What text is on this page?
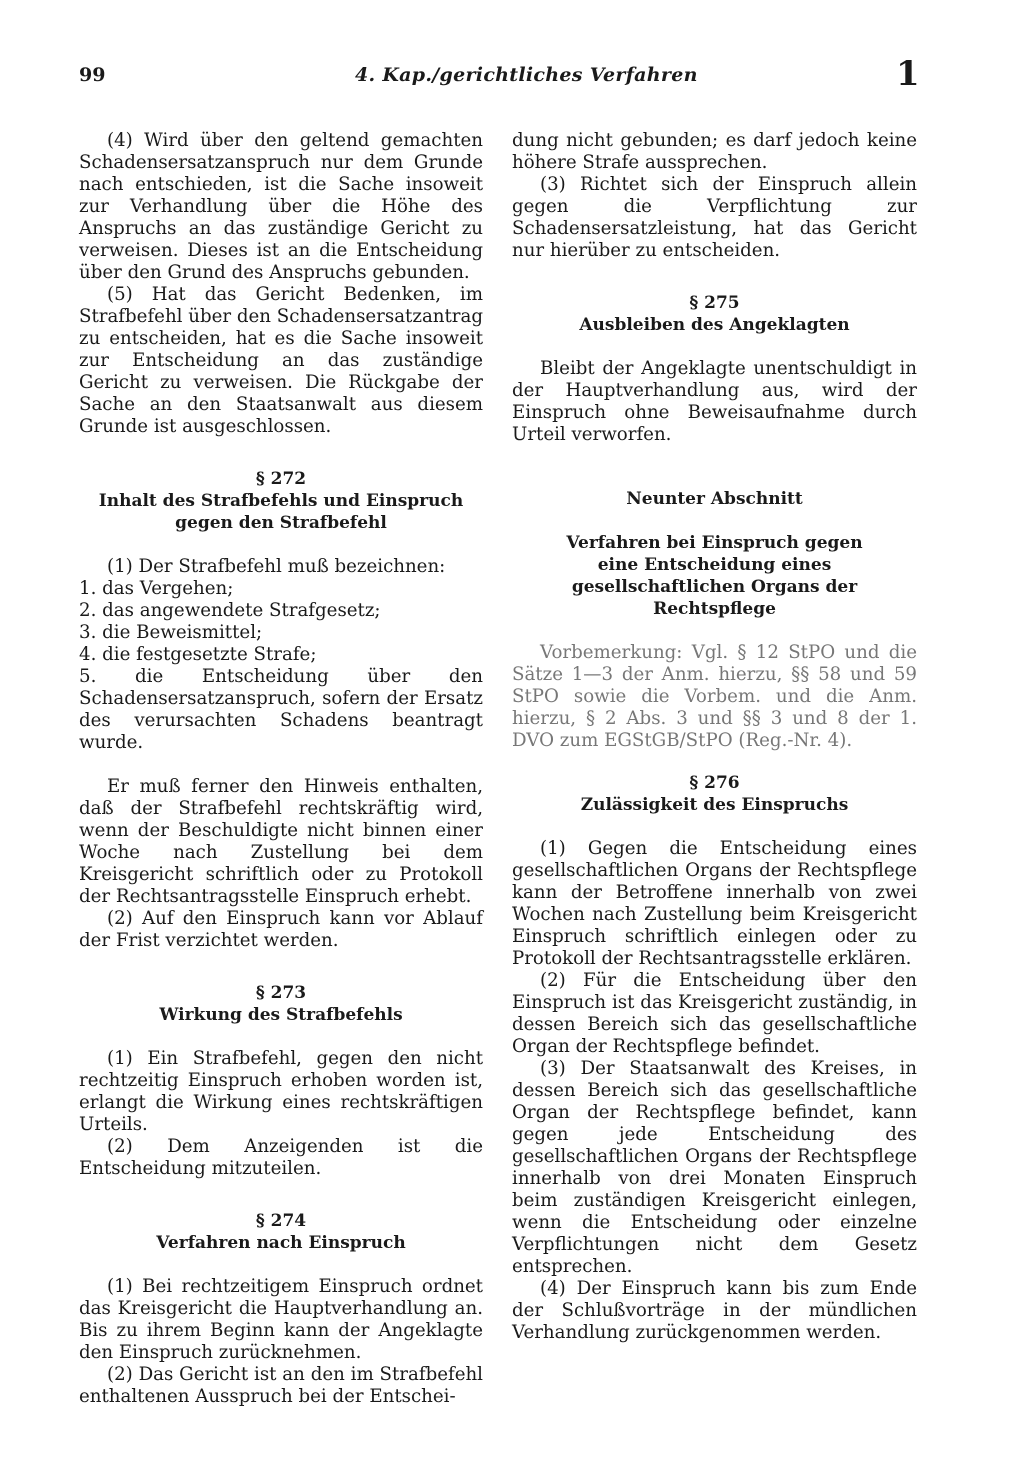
99	4. Kap./gerichtliches Verfahren	1

(4) Wird über den geltend gemachten Schadensersatzanspruch nur dem Grunde nach entschieden, ist die Sache insoweit zur Verhandlung über die Höhe des Anspruchs an das zuständige Gericht zu verweisen. Dieses ist an die Entscheidung über den Grund des Anspruchs gebunden.

(5) Hat das Gericht Bedenken, im Strafbefehl über den Schadensersatzantrag zu entscheiden, hat es die Sache insoweit zur Entscheidung an das zuständige Gericht zu verweisen. Die Rückgabe der Sache an den Staatsanwalt aus diesem Grunde ist ausgeschlossen.

§ 272
Inhalt des Strafbefehls und Einspruch
gegen den Strafbefehl

(1) Der Strafbefehl muß bezeichnen:

1. das Vergehen;

2. das angewendete Strafgesetz;

3. die Beweismittel;

4. die festgesetzte Strafe;

5. die Entscheidung über den Schadensersatzanspruch, sofern der Ersatz des verursachten Schadens beantragt wurde.

Er muß ferner den Hinweis enthalten, daß der Strafbefehl rechtskräftig wird, wenn der Beschuldigte nicht binnen einer Woche nach Zustellung bei dem Kreisgericht schriftlich oder zu Protokoll der Rechtsantragsstelle Einspruch erhebt.

(2) Auf den Einspruch kann vor Ablauf der Frist verzichtet werden.

§ 273
Wirkung des Strafbefehls

(1) Ein Strafbefehl, gegen den nicht rechtzeitig Einspruch erhoben worden ist, erlangt die Wirkung eines rechtskräftigen Urteils.

(2) Dem Anzeigenden ist die Entscheidung mitzuteilen.

§ 274
Verfahren nach Einspruch

(1) Bei rechtzeitigem Einspruch ordnet das Kreisgericht die Hauptverhandlung an. Bis zu ihrem Beginn kann der Angeklagte den Einspruch zurücknehmen.

(2) Das Gericht ist an den im Strafbefehl enthaltenen Ausspruch bei der Entschei-

dung nicht gebunden; es darf jedoch keine höhere Strafe aussprechen.

(3) Richtet sich der Einspruch allein gegen die Verpflichtung zur Schadensersatzleistung, hat das Gericht nur hierüber zu entscheiden.

§ 275
Ausbleiben des Angeklagten

Bleibt der Angeklagte unentschuldigt in der Hauptverhandlung aus, wird der Einspruch ohne Beweisaufnahme durch Urteil verworfen.

Neunter Abschnitt
Verfahren bei Einspruch gegen
eine Entscheidung eines
gesellschaftlichen Organs der Rechtspflege

Vorbemerkung: Vgl. § 12 StPO und die Sätze 1—3 der Anm. hierzu, §§ 58 und 59 StPO sowie die Vorbem. und die Anm. hierzu, § 2 Abs. 3 und §§ 3 und 8 der 1. DVO zum EGStGB/StPO (Reg.-Nr. 4).

§ 276
Zulässigkeit des Einspruchs

(1) Gegen die Entscheidung eines gesellschaftlichen Organs der Rechtspflege kann der Betroffene innerhalb von zwei Wochen nach Zustellung beim Kreisgericht Einspruch schriftlich einlegen oder zu Protokoll der Rechtsantragsstelle erklären.

(2) Für die Entscheidung über den Einspruch ist das Kreisgericht zuständig, in dessen Bereich sich das gesellschaftliche Organ der Rechtspflege befindet.

(3) Der Staatsanwalt des Kreises, in dessen Bereich sich das gesellschaftliche Organ der Rechtspflege befindet, kann gegen jede Entscheidung des gesellschaftlichen Organs der Rechtspflege innerhalb von drei Monaten Einspruch beim zuständigen Kreisgericht einlegen, wenn die Entscheidung oder einzelne Verpflichtungen nicht dem Gesetz entsprechen.

(4) Der Einspruch kann bis zum Ende der Schlußvorträge in der mündlichen Verhandlung zurückgenommen werden.
